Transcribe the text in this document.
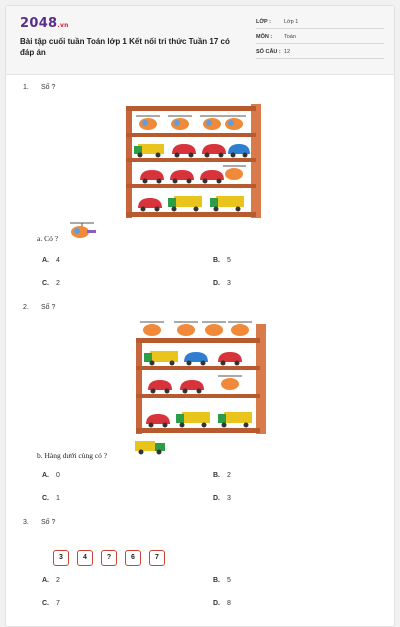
2048.vn
Bài tập cuối tuần Toán lớp 1 Kết nối tri thức Tuần 17 có đáp án
LỚP : Lớp 1
MÔN : Toán
SỐ CÂU : 12
1. Số ?
a. Có ?
A. 4	B. 5
C. 2	D. 3
2. Số ?
b. Hàng dưới cùng có ?
A. 0	B. 2
C. 1	D. 3
3. Số ?
3	4	?	6	7
A. 2	B. 5
C. 7	D. 8
